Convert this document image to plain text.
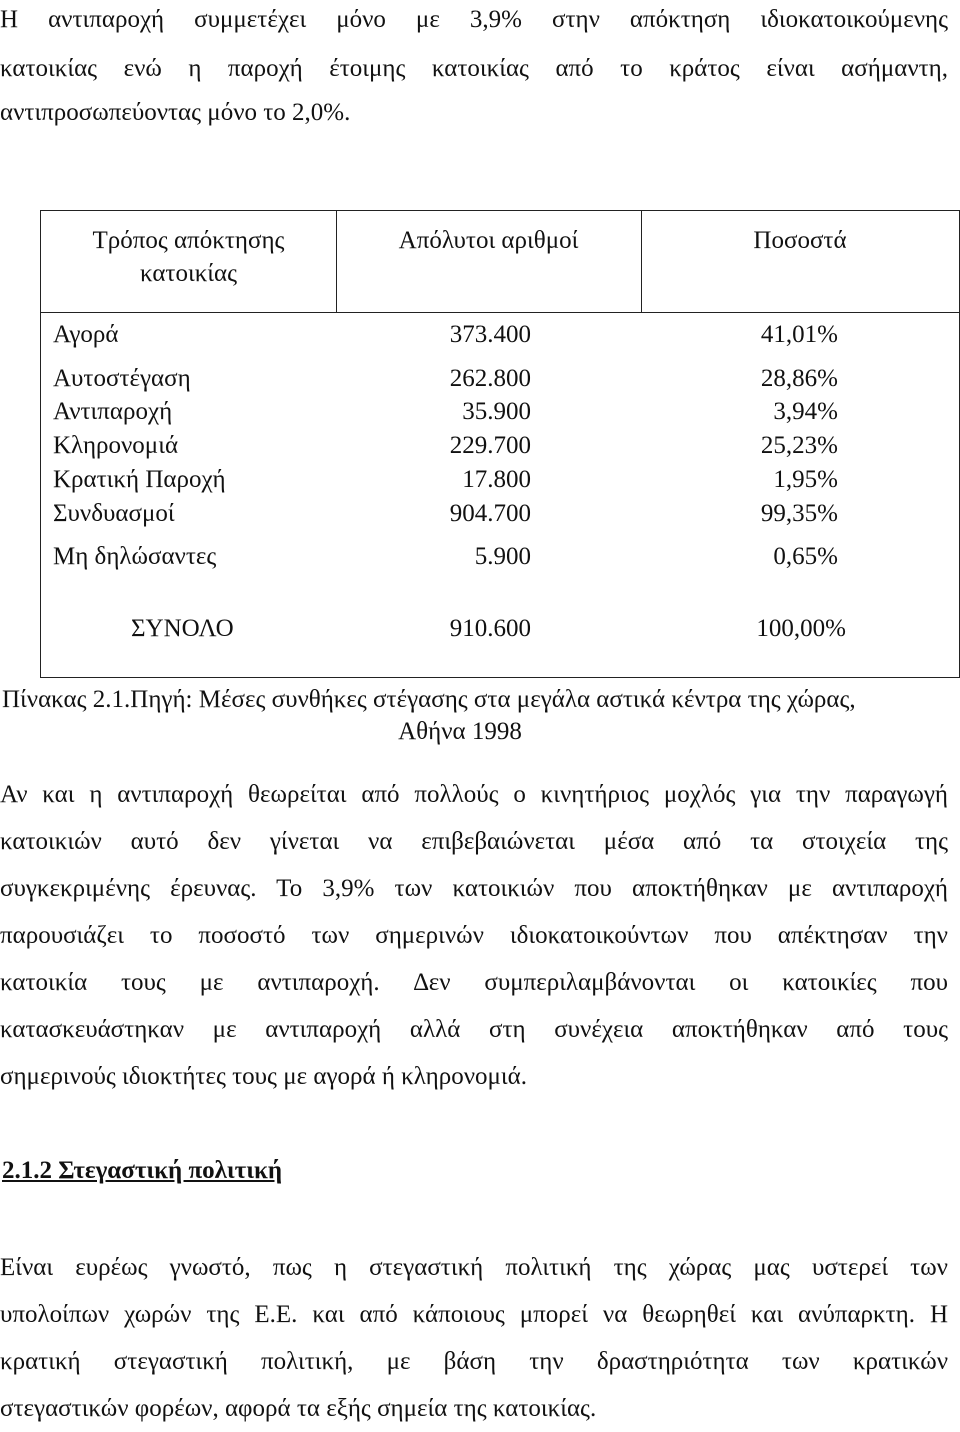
Η αντιπαροχή συμμετέχει μόνο με 3,9% στην απόκτηση ιδιοκατοικούμενης
κατοικίας ενώ η παροχή έτοιμης κατοικίας από το κράτος είναι ασήμαντη,
αντιπροσωπεύοντας μόνο το 2,0%.
Τρόπος απόκτησης
κατοικίας
Απόλυτοι αριθμοί	Ποσοστά
Αγορά	373.400	41,01%
Αυτοστέγαση	262.800	28,86%
Αντιπαροχή	35.900	3,94%
Κληρονομιά	229.700	25,23%
Κρατική Παροχή	17.800	1,95%
Συνδυασμοί	904.700	99,35%
Μη δηλώσαντες	5.900	0,65%
ΣΥΝΟΛΟ	910.600	100,00%
Πίνακας 2.1.Πηγή: Μέσες συνθήκες στέγασης στα μεγάλα αστικά κέντρα της χώρας,
Αθήνα 1998
Αν και η αντιπαροχή θεωρείται από πολλούς ο κινητήριος μοχλός για την παραγωγή
κατοικιών αυτό δεν γίνεται να επιβεβαιώνεται μέσα από τα στοιχεία της
συγκεκριμένης έρευνας. Το 3,9% των κατοικιών που αποκτήθηκαν με αντιπαροχή
παρουσιάζει το ποσοστό των σημερινών ιδιοκατοικούντων που απέκτησαν την
κατοικία τους με αντιπαροχή. ∆εν συμπεριλαμβάνονται οι κατοικίες που
κατασκευάστηκαν με αντιπαροχή αλλά στη συνέχεια αποκτήθηκαν από τους
σημερινούς ιδιοκτήτες τους με αγορά ή κληρονομιά.
2.1.2 Στεγαστική πολιτική
Είναι ευρέως γνωστό, πως η στεγαστική πολιτική της χώρας μας υστερεί των
υπολοίπων χωρών της Ε.Ε. και από κάποιους μπορεί να θεωρηθεί και ανύπαρκτη. Η
κρατική στεγαστική πολιτική, με βάση την δραστηριότητα των κρατικών
στεγαστικών φορέων, αφορά τα εξής σημεία της κατοικίας.
